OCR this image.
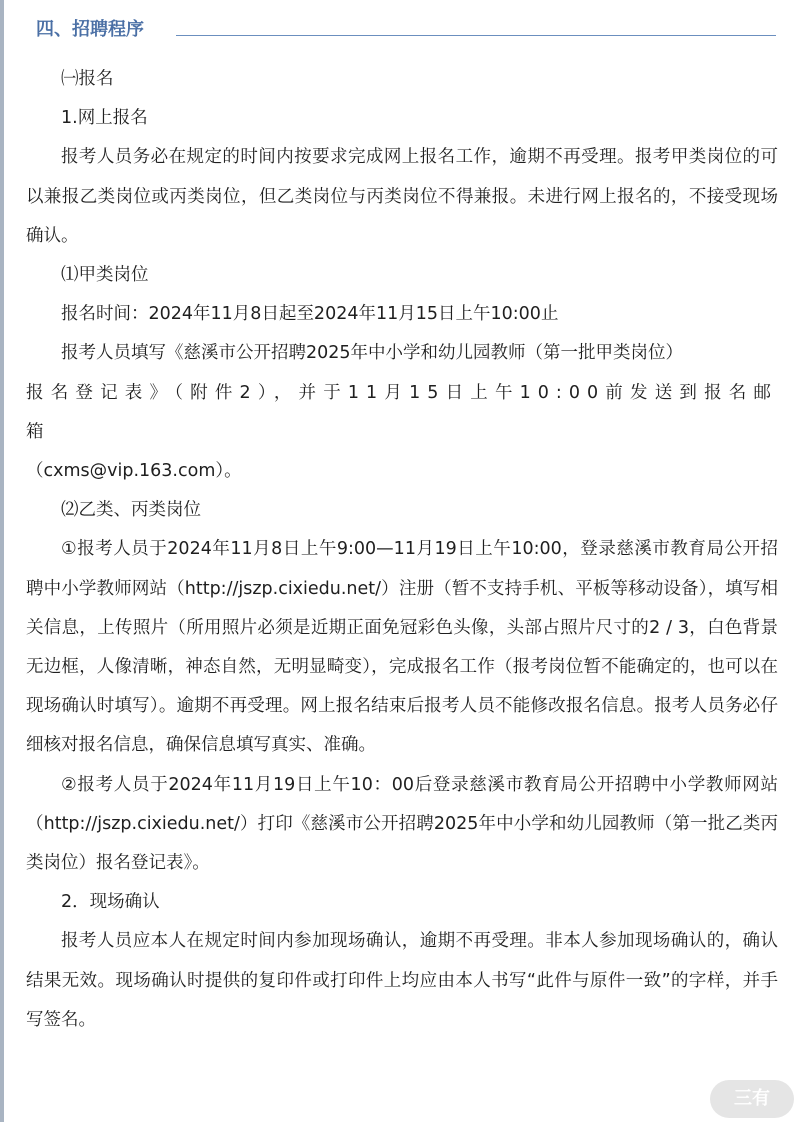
四、招聘程序

㈠报名

1.网上报名

报考人员务必在规定的时间内按要求完成网上报名工作，逾期不再受理。报考甲类岗位的可以兼报乙类岗位或丙类岗位，但乙类岗位与丙类岗位不得兼报。未进行网上报名的，不接受现场确认。

⑴甲类岗位

报名时间：2024年11月8日起至2024年11月15日上午10:00止

报考人员填写《慈溪市公开招聘2025年中小学和幼儿园教师（第一批甲类岗位）

报名登记表》（附件2），并于11月15日上午10:00前发送到报名邮箱

（cxms@vip.163.com）。

⑵乙类、丙类岗位

①报考人员于2024年11月8日上午9:00—11月19日上午10:00，登录慈溪市教育局公开招聘中小学教师网站（http://jszp.cixiedu.net/）注册（暂不支持手机、平板等移动设备），填写相关信息，上传照片（所用照片必须是近期正面免冠彩色头像，头部占照片尺寸的2 / 3，白色背景无边框，人像清晰，神态自然，无明显畸变），完成报名工作（报考岗位暂不能确定的，也可以在现场确认时填写）。逾期不再受理。网上报名结束后报考人员不能修改报名信息。报考人员务必仔细核对报名信息，确保信息填写真实、准确。

②报考人员于2024年11月19日上午10：00后登录慈溪市教育局公开招聘中小学教师网站（http://jszp.cixiedu.net/）打印《慈溪市公开招聘2025年中小学和幼儿园教师（第一批乙类丙类岗位）报名登记表》。

2．现场确认

报考人员应本人在规定时间内参加现场确认，逾期不再受理。非本人参加现场确认的，确认结果无效。现场确认时提供的复印件或打印件上均应由本人书写“此件与原件一致”的字样，并手写签名。

三有
